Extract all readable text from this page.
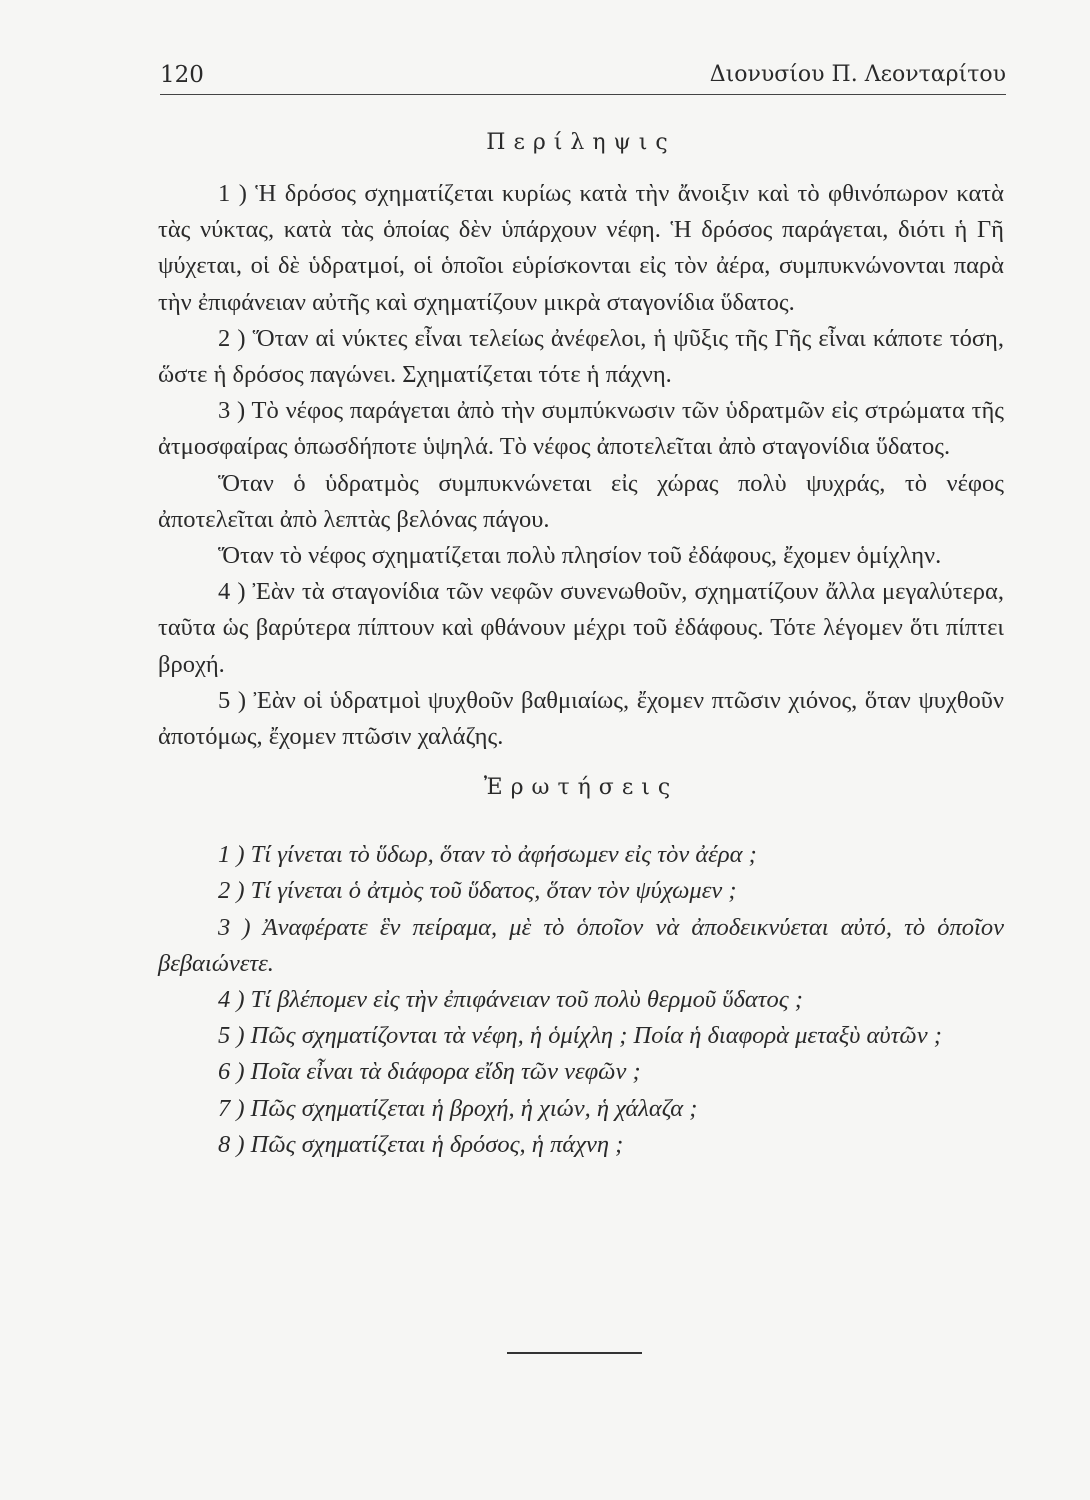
120	Διονυσίου Π. Λεονταρίτου
Περίληψις

1 ) Ἡ δρόσος σχηματίζεται κυρίως κατὰ τὴν ἄνοιξιν καὶ τὸ φθινόπωρον κατὰ τὰς νύκτας, κατὰ τὰς ὁποίας δὲν ὑπάρχουν νέφη. Ἡ δρόσος παράγεται, διότι ἡ Γῆ ψύχεται, οἱ δὲ ὑδρατμοί, οἱ ὁποῖοι εὑρίσκονται εἰς τὸν ἀέρα, συμπυκνώνονται παρὰ τὴν ἐπιφάνειαν αὐτῆς καὶ σχηματίζουν μικρὰ σταγονίδια ὕδατος.

2 ) Ὅταν αἱ νύκτες εἶναι τελείως ἀνέφελοι, ἡ ψῦξις τῆς Γῆς εἶναι κάποτε τόση, ὥστε ἡ δρόσος παγώνει. Σχηματίζεται τότε ἡ πάχνη.

3 ) Τὸ νέφος παράγεται ἀπὸ τὴν συμπύκνωσιν τῶν ὑδρατμῶν εἰς στρώματα τῆς ἀτμοσφαίρας ὁπωσδήποτε ὑψηλά. Τὸ νέφος ἀποτελεῖται ἀπὸ σταγονίδια ὕδατος.

Ὅταν ὁ ὑδρατμὸς συμπυκνώνεται εἰς χώρας πολὺ ψυχράς, τὸ νέφος ἀποτελεῖται ἀπὸ λεπτὰς βελόνας πάγου.

Ὅταν τὸ νέφος σχηματίζεται πολὺ πλησίον τοῦ ἐδάφους, ἔχομεν ὁμίχλην.

4 ) Ἐὰν τὰ σταγονίδια τῶν νεφῶν συνενωθοῦν, σχηματίζουν ἄλλα μεγαλύτερα, ταῦτα ὡς βαρύτερα πίπτουν καὶ φθάνουν μέχρι τοῦ ἐδάφους. Τότε λέγομεν ὅτι πίπτει βροχή.

5 ) Ἐὰν οἱ ὑδρατμοὶ ψυχθοῦν βαθμιαίως, ἔχομεν πτῶσιν χιόνος, ὅταν ψυχθοῦν ἀποτόμως, ἔχομεν πτῶσιν χαλάζης.

Ἐρωτήσεις

1 ) Τί γίνεται τὸ ὕδωρ, ὅταν τὸ ἀφήσωμεν εἰς τὸν ἀέρα ;

2 ) Τί γίνεται ὁ ἀτμὸς τοῦ ὕδατος, ὅταν τὸν ψύχωμεν ;

3 ) Ἀναφέρατε ἓν πείραμα, μὲ τὸ ὁποῖον νὰ ἀποδεικνύεται αὐτό, τὸ ὁποῖον βεβαιώνετε.

4 ) Τί βλέπομεν εἰς τὴν ἐπιφάνειαν τοῦ πολὺ θερμοῦ ὕδατος ;

5 ) Πῶς σχηματίζονται τὰ νέφη, ἡ ὁμίχλη ; Ποία ἡ διαφορὰ μεταξὺ αὐτῶν ;

6 ) Ποῖα εἶναι τὰ διάφορα εἴδη τῶν νεφῶν ;

7 ) Πῶς σχηματίζεται ἡ βροχή, ἡ χιών, ἡ χάλαζα ;

8 ) Πῶς σχηματίζεται ἡ δρόσος, ἡ πάχνη ;
